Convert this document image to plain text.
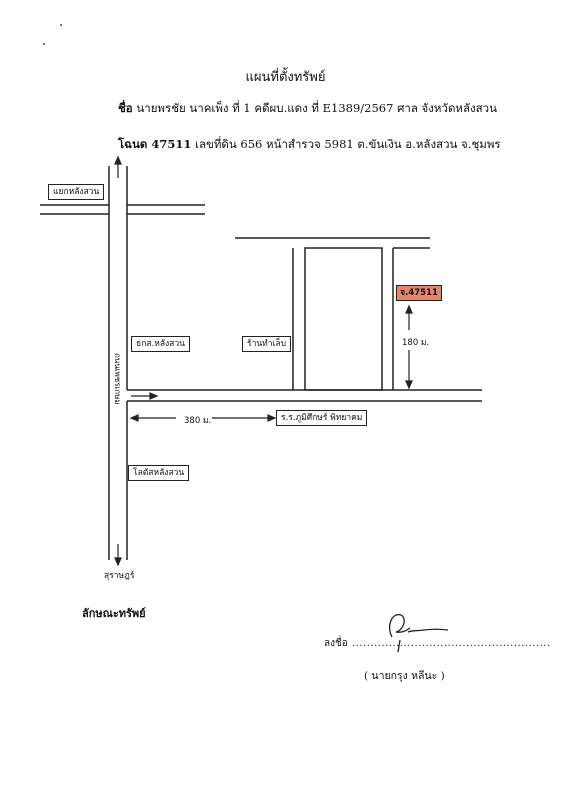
แผนที่ตั้งทรัพย์
ชื่อ นายพรชัย นาคเพ็ง ที่ 1 คดีผบ.แดง ที่ E1389/2567 ศาล จังหวัดหลังสวน
โฉนด 47511 เลขที่ดิน 656 หน้าสำรวจ 5981 ต.ขันเงิน อ.หลังสวน จ.ชุมพร
แยกหลังสวน
ธกส.หลังสวน	ร้านทำเล็บ
ร.ร.ภูมิศึกษร์ พิทยาคม
โลตัสหลังสวน
จ.47511
380 ม.
180 ม.
ถนนเพชรเกษม
สุราษฎร์
ลักษณะทรัพย์
ลงชื่อ ......................................................
( นายกรุง หลีนะ )
